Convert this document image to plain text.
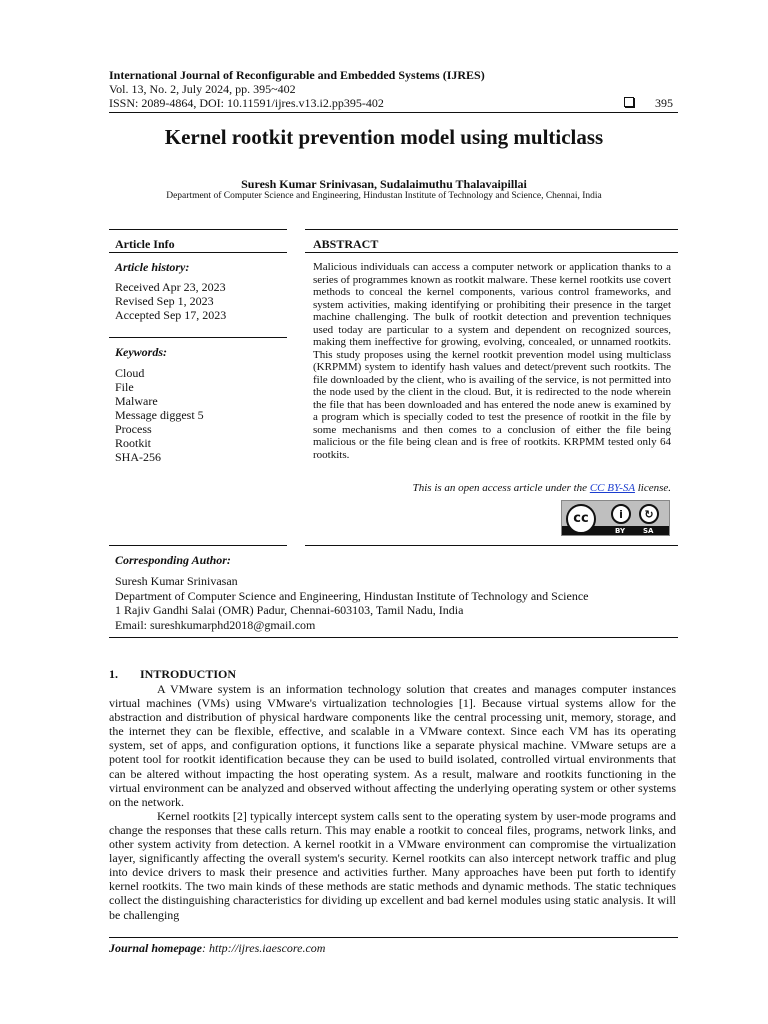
International Journal of Reconfigurable and Embedded Systems (IJRES)
Vol. 13, No. 2, July 2024, pp. 395~402
ISSN: 2089-4864, DOI: 10.11591/ijres.v13.i2.pp395-402	395
Kernel rootkit prevention model using multiclass
Suresh Kumar Srinivasan, Sudalaimuthu Thalavaipillai
Department of Computer Science and Engineering, Hindustan Institute of Technology and Science, Chennai, India
Article Info	ABSTRACT
Article history:
Received Apr 23, 2023
Revised Sep 1, 2023
Accepted Sep 17, 2023
Keywords:
Cloud
File
Malware
Message diggest 5
Process
Rootkit
SHA-256
Malicious individuals can access a computer network or application thanks to a series of programmes known as rootkit malware. These kernel rootkits use covert methods to conceal the kernel components, various control frameworks, and system activities, making identifying or prohibiting their presence in the target machine challenging. The bulk of rootkit detection and prevention techniques used today are particular to a system and dependent on recognized sources, making them ineffective for growing, evolving, concealed, or unnamed rootkits. This study proposes using the kernel rootkit prevention model using multiclass (KRPMM) system to identify hash values and detect/prevent such rootkits. The file downloaded by the client, who is availing of the service, is not permitted into the node used by the client in the cloud. But, it is redirected to the node wherein the file that has been downloaded and has entered the node anew is examined by a program which is specially coded to test the presence of rootkit in the file by some mechanisms and then comes to a conclusion of either the file being malicious or the file being clean and is free of rootkits. KRPMM tested only 64 rootkits.
This is an open access article under the CC BY-SA license.
cc	i	↻
BY	SA
Corresponding Author:
Suresh Kumar Srinivasan
Department of Computer Science and Engineering, Hindustan Institute of Technology and Science
1 Rajiv Gandhi Salai (OMR) Padur, Chennai-603103, Tamil Nadu, India
Email: sureshkumarphd2018@gmail.com
1. INTRODUCTION

A VMware system is an information technology solution that creates and manages computer instances virtual machines (VMs) using VMware's virtualization technologies [1]. Because virtual systems allow for the abstraction and distribution of physical hardware components like the central processing unit, memory, storage, and the internet they can be flexible, effective, and scalable in a VMware context. Since each VM has its operating system, set of apps, and configuration options, it functions like a separate physical machine. VMware setups are a potent tool for rootkit identification because they can be used to build isolated, controlled virtual environments that can be altered without impacting the host operating system. As a result, malware and rootkits functioning in the virtual environment can be analyzed and observed without affecting the underlying operating system or other systems on the network.

Kernel rootkits [2] typically intercept system calls sent to the operating system by user-mode programs and change the responses that these calls return. This may enable a rootkit to conceal files, programs, network links, and other system activity from detection. A kernel rootkit in a VMware environment can compromise the virtualization layer, significantly affecting the overall system's security. Kernel rootkits can also intercept network traffic and plug into device drivers to mask their presence and activities further. Many approaches have been put forth to identify kernel rootkits. The two main kinds of these methods are static methods and dynamic methods. The static techniques collect the distinguishing characteristics for dividing up excellent and bad kernel modules using static analysis. It will be challenging

Journal homepage: http://ijres.iaescore.com
